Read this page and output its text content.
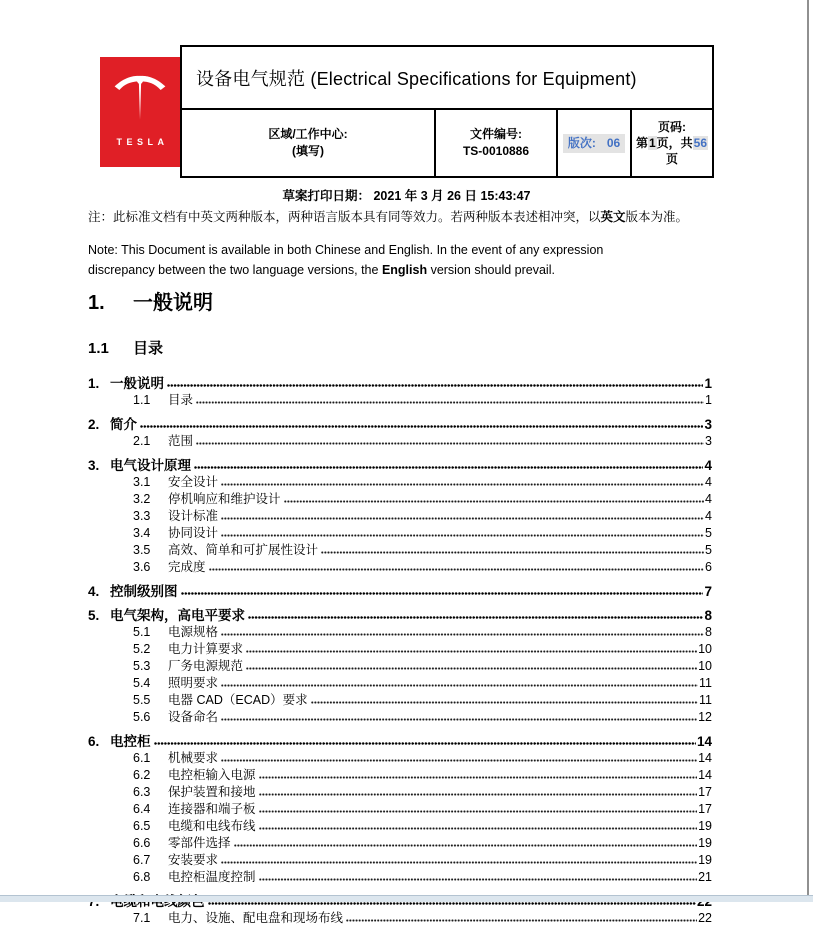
TESLA
设备电气规范 (Electrical Specifications for Equipment)
区域/工作中心:
(填写)
文件编号:
TS-0010886
版次: 06
页码:
第1页，共56
页
草案打印日期： 2021 年 3 月 26 日 15:43:47

注：此标准文档有中英文两种版本，两种语言版本具有同等效力。若两种版本表述相冲突，以英文版本为准。

Note: This Document is available in both Chinese and English. In the event of any expression discrepancy between the two language versions, the English version should prevail.

1. 一般说明
1.1 目录
1. 一般说明	1
1.1	目录	1
2. 简介	3
2.1	范围	3
3. 电气设计原理	4
3.1	安全设计	4
3.2	停机响应和维护设计	4
3.3	设计标准	4
3.4	协同设计	5
3.5	高效、简单和可扩展性设计	5
3.6	完成度	6
4. 控制级别图	7
5. 电气架构，高电平要求	8
5.1	电源规格	8
5.2	电力计算要求	10
5.3	厂务电源规范	10
5.4	照明要求	11
5.5	电器 CAD（ECAD）要求	11
5.6	设备命名	12
6. 电控柜	14
6.1	机械要求	14
6.2	电控柜输入电源	14
6.3	保护装置和接地	17
6.4	连接器和端子板	17
6.5	电缆和电线布线	19
6.6	零部件选择	19
6.7	安装要求	19
6.8	电控柜温度控制	21
7.1	电力、设施、配电盘和现场布线	22
